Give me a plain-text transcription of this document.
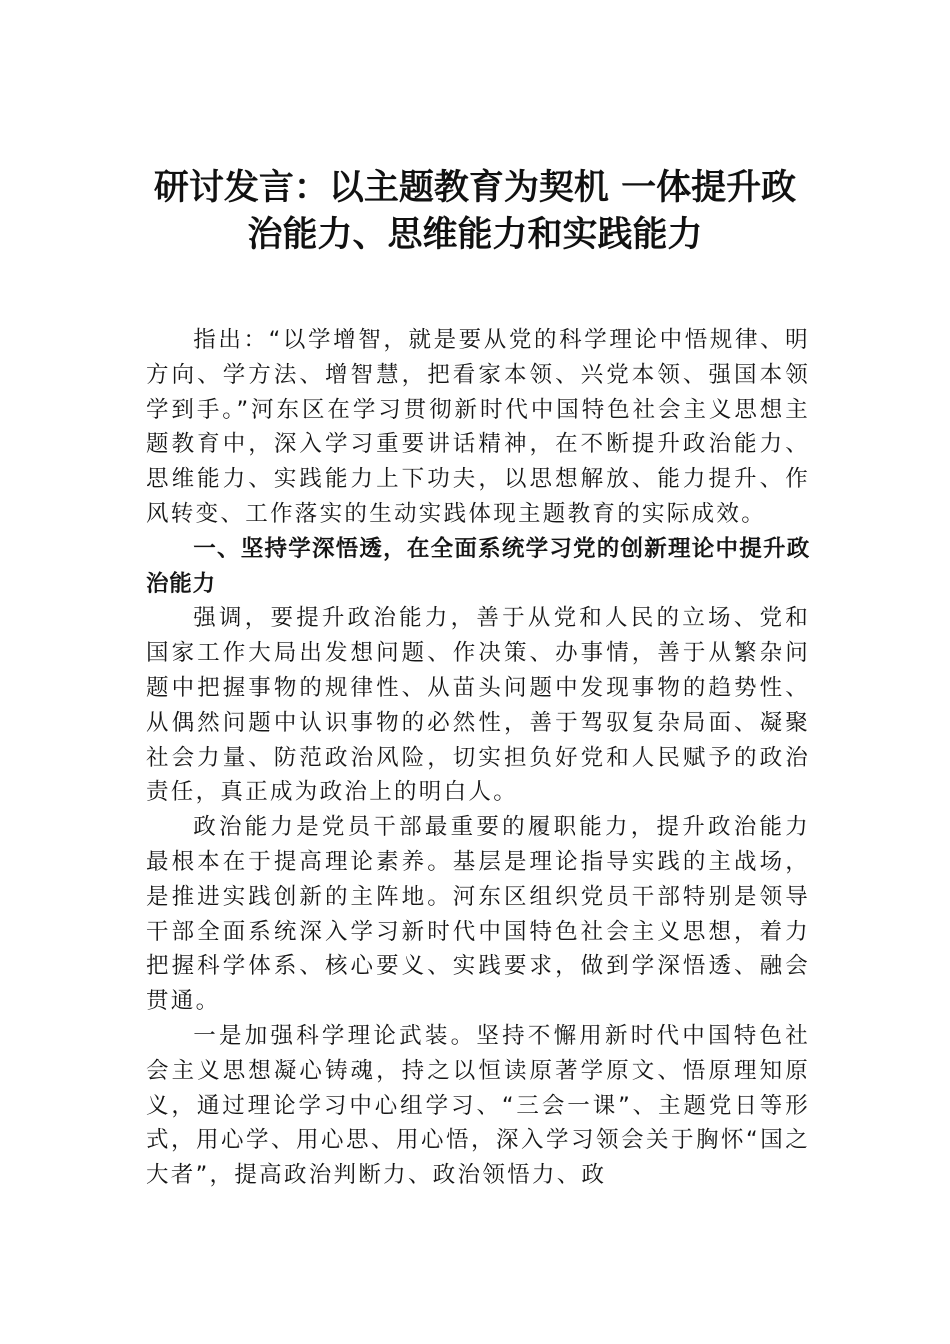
研讨发言：以主题教育为契机 一体提升政
治能力、思维能力和实践能力

指出：“以学增智，就是要从党的科学理论中悟规律、明方向、学方法、增智慧，把看家本领、兴党本领、强国本领学到手。”河东区在学习贯彻新时代中国特色社会主义思想主题教育中，深入学习重要讲话精神，在不断提升政治能力、思维能力、实践能力上下功夫，以思想解放、能力提升、作风转变、工作落实的生动实践体现主题教育的实际成效。

一、坚持学深悟透，在全面系统学习党的创新理论中提升政治能力

强调，要提升政治能力，善于从党和人民的立场、党和国家工作大局出发想问题、作决策、办事情，善于从繁杂问题中把握事物的规律性、从苗头问题中发现事物的趋势性、从偶然问题中认识事物的必然性，善于驾驭复杂局面、凝聚社会力量、防范政治风险，切实担负好党和人民赋予的政治责任，真正成为政治上的明白人。

政治能力是党员干部最重要的履职能力，提升政治能力最根本在于提高理论素养。基层是理论指导实践的主战场，是推进实践创新的主阵地。河东区组织党员干部特别是领导干部全面系统深入学习新时代中国特色社会主义思想，着力把握科学体系、核心要义、实践要求，做到学深悟透、融会贯通。

一是加强科学理论武装。坚持不懈用新时代中国特色社会主义思想凝心铸魂，持之以恒读原著学原文、悟原理知原义，通过理论学习中心组学习、“三会一课”、主题党日等形式，用心学、用心思、用心悟，深入学习领会关于胸怀“国之大者”，提高政治判断力、政治领悟力、政
